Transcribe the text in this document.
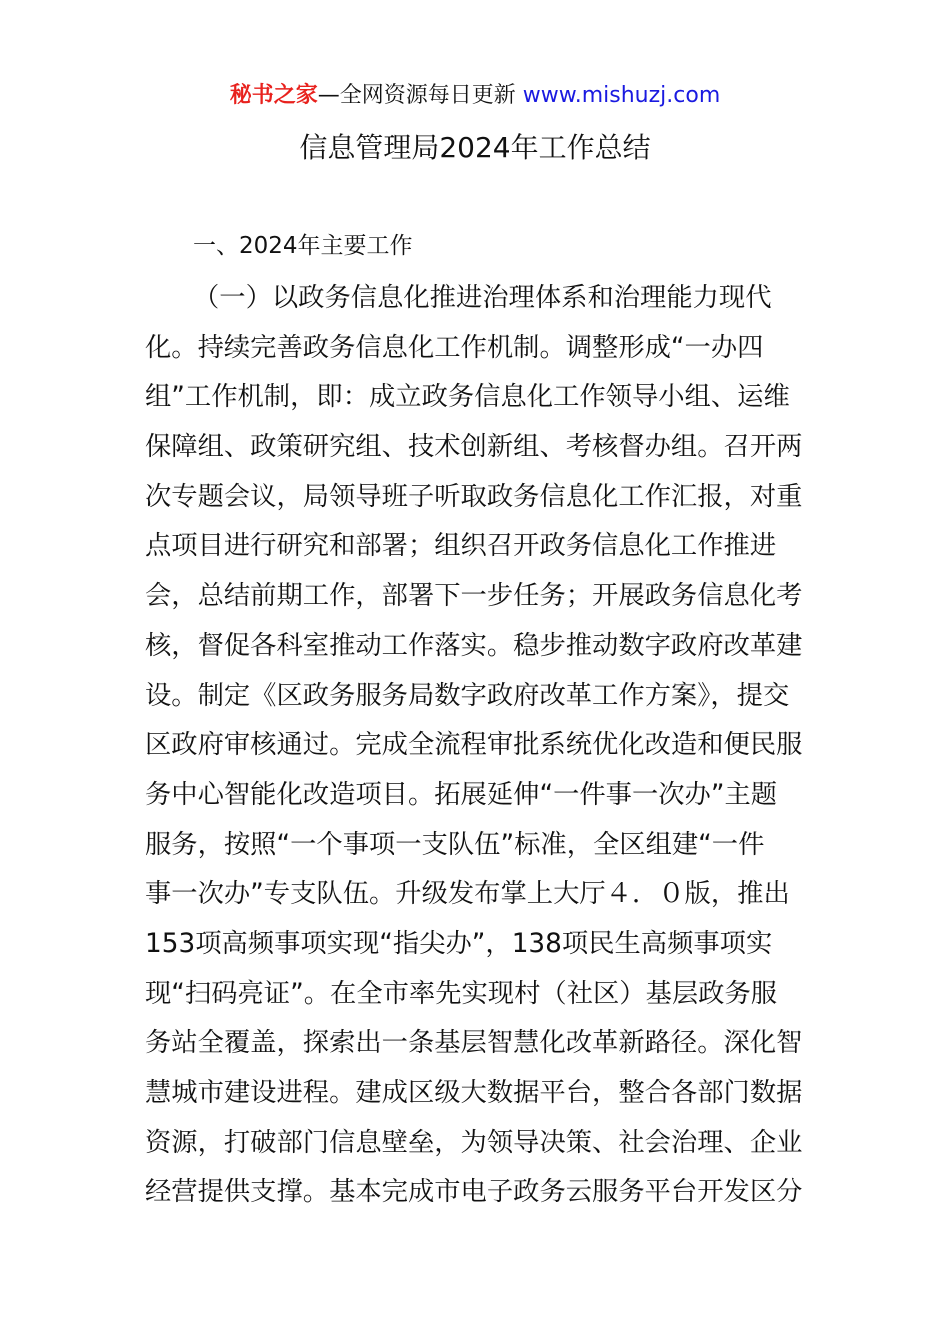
秘书之家—全网资源每日更新 www.mishuzj.com
信息管理局2024年工作总结
一、2024年主要工作
（一）以政务信息化推进治理体系和治理能力现代
化。持续完善政务信息化工作机制。调整形成“一办四
组”工作机制，即：成立政务信息化工作领导小组、运维
保障组、政策研究组、技术创新组、考核督办组。召开两
次专题会议，局领导班子听取政务信息化工作汇报，对重
点项目进行研究和部署；组织召开政务信息化工作推进
会，总结前期工作，部署下一步任务；开展政务信息化考
核，督促各科室推动工作落实。稳步推动数字政府改革建
设。制定《区政务服务局数字政府改革工作方案》，提交
区政府审核通过。完成全流程审批系统优化改造和便民服
务中心智能化改造项目。拓展延伸“一件事一次办”主题
服务，按照“一个事项一支队伍”标准，全区组建“一件
事一次办”专支队伍。升级发布掌上大厅４．０版，推出
153项高频事项实现“指尖办”，138项民生高频事项实
现“扫码亮证”。在全市率先实现村（社区）基层政务服
务站全覆盖，探索出一条基层智慧化改革新路径。深化智
慧城市建设进程。建成区级大数据平台，整合各部门数据
资源，打破部门信息壁垒，为领导决策、社会治理、企业
经营提供支撑。基本完成市电子政务云服务平台开发区分
